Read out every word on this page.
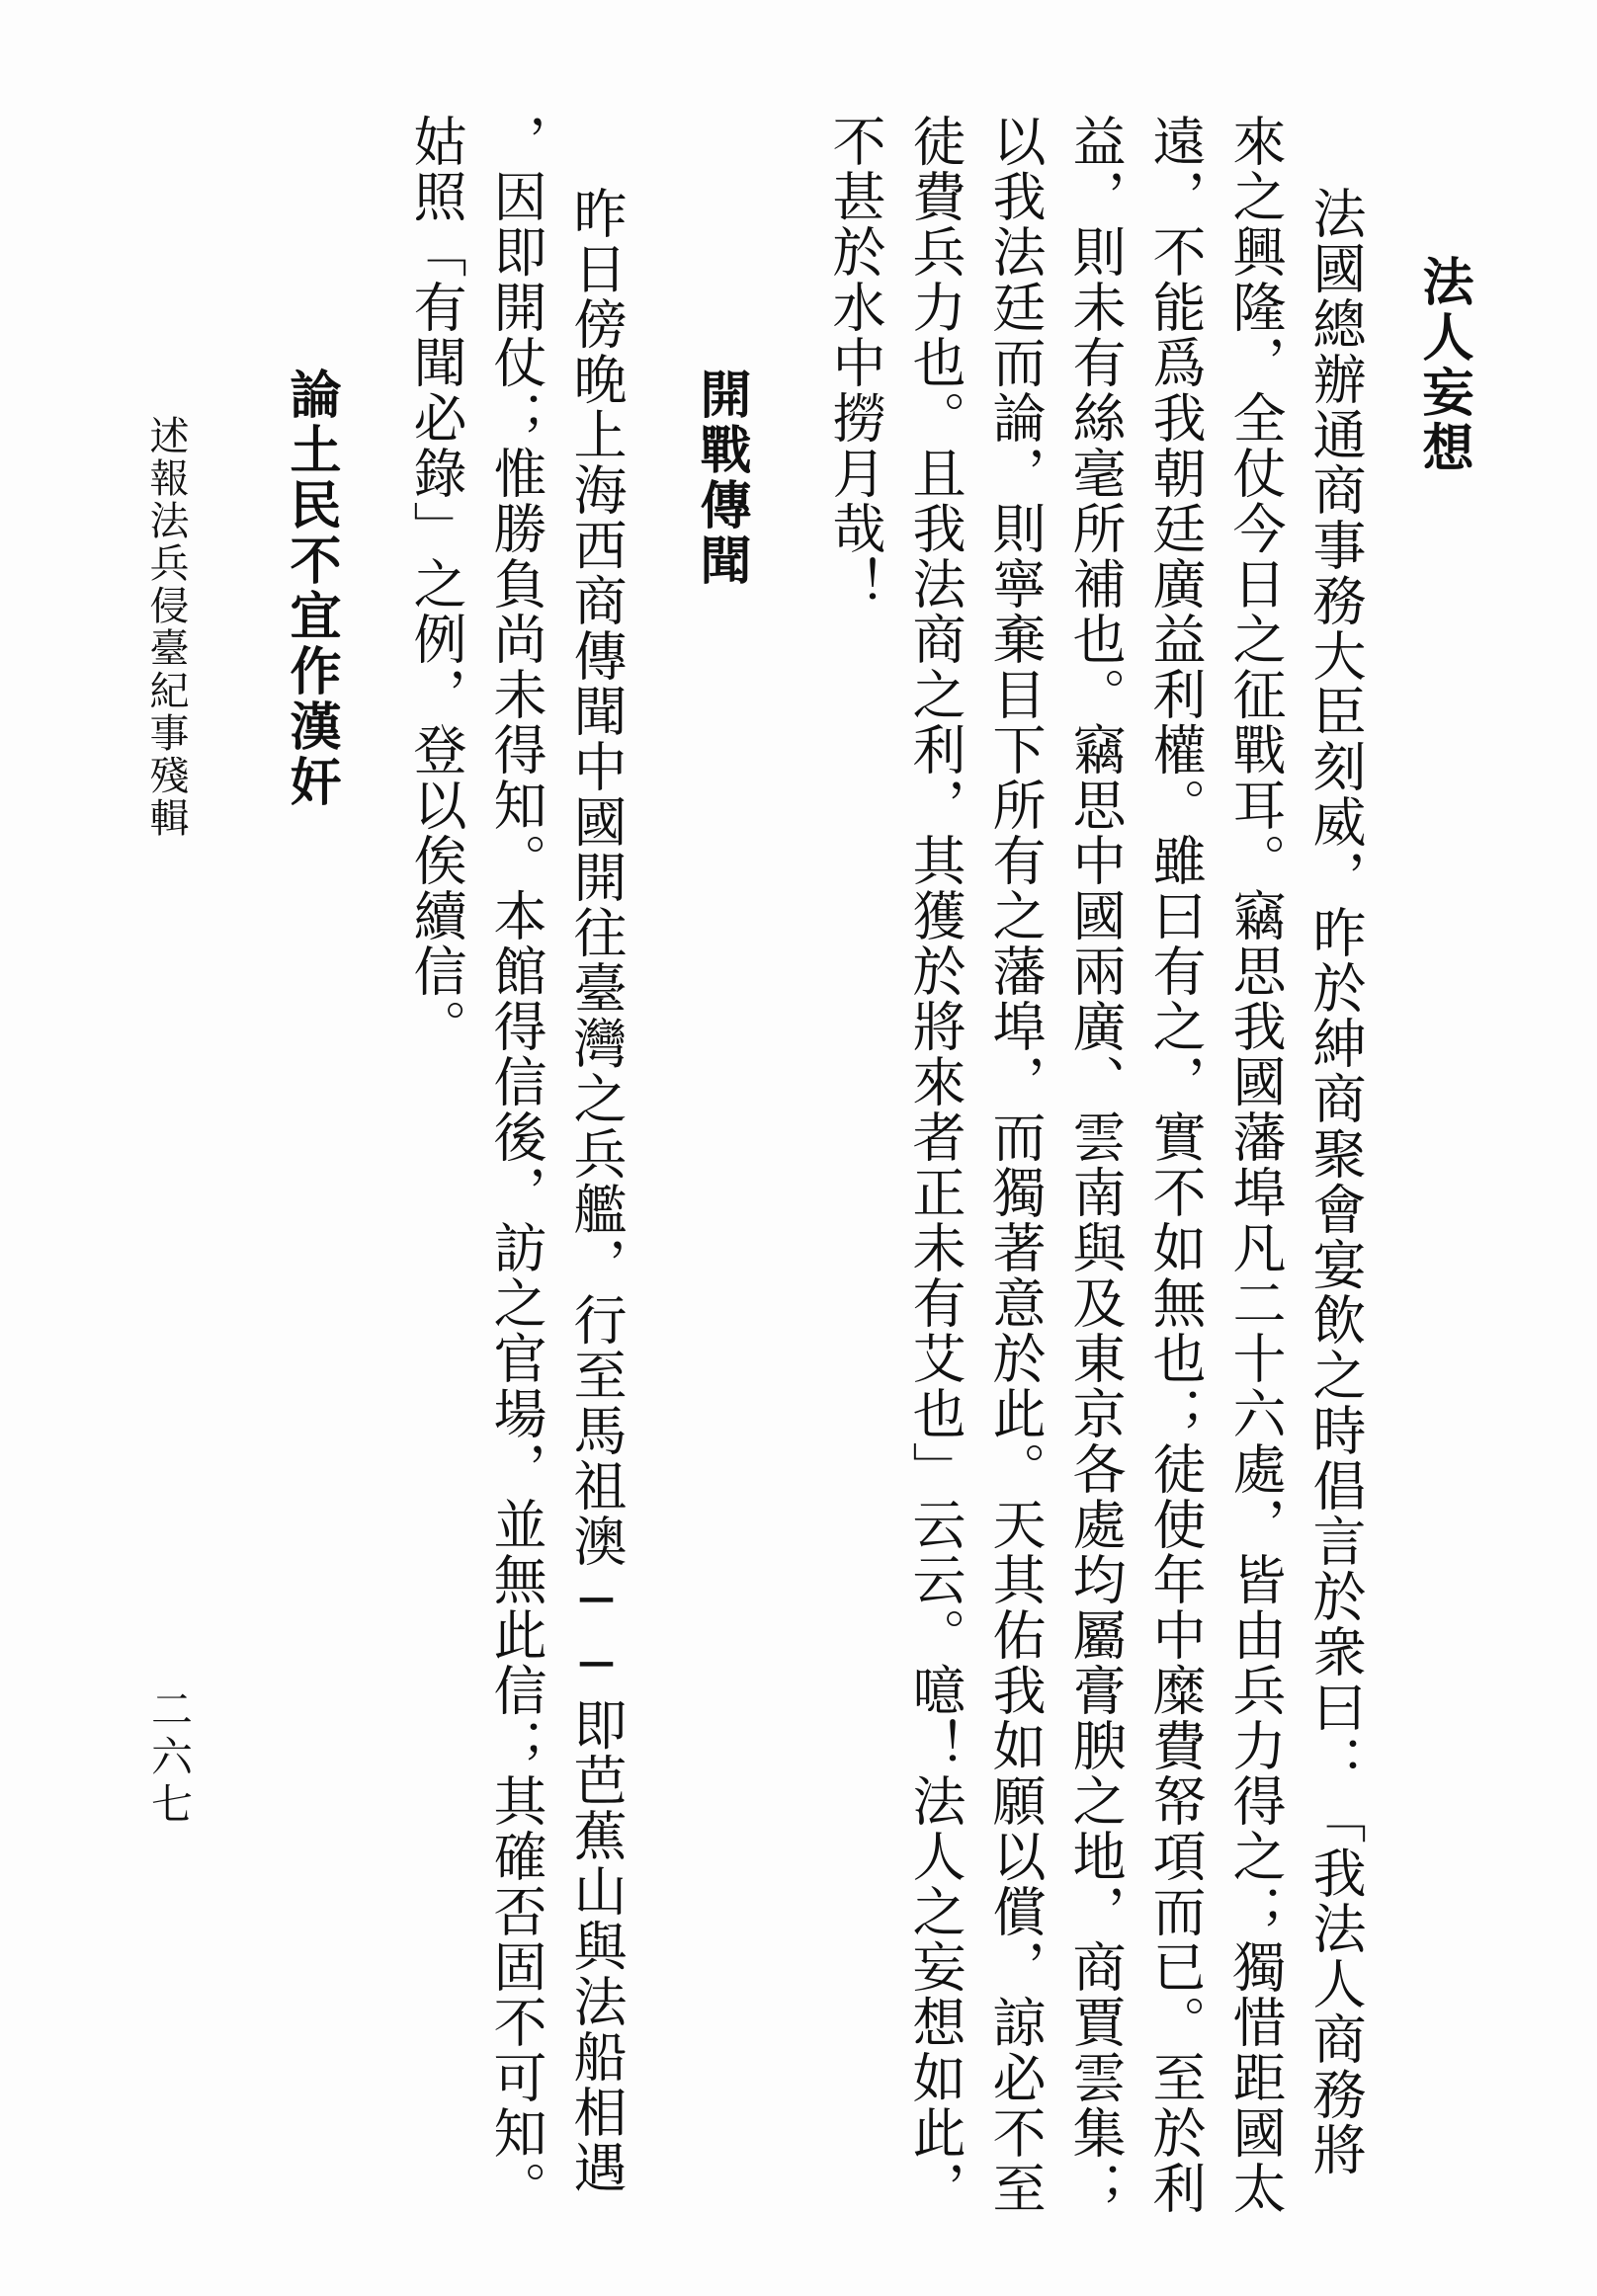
法人妄想
法國總辦通商事務大臣刻威，昨於紳商聚會宴飲之時倡言於衆曰：「我法人商務將
來之興隆，全仗今日之征戰耳。竊思我國藩埠凡二十六處，皆由兵力得之；獨惜距國太
遠，不能爲我朝廷廣益利權。雖曰有之，實不如無也；徒使年中糜費帑項而已。至於利
益，則未有絲毫所補也。竊思中國兩廣、雲南與及東京各處均屬膏腴之地，商賈雲集；
以我法廷而論，則寧棄目下所有之藩埠，而獨著意於此。天其佑我如願以償，諒必不至
徒費兵力也。且我法商之利，其獲於將來者正未有艾也」云云。噫！法人之妄想如此，
不甚於水中撈月哉！
開戰傳聞
昨日傍晚上海西商傳聞中國開往臺灣之兵艦，行至馬祖澳──即芭蕉山與法船相遇
，因即開仗；惟勝負尚未得知。本館得信後，訪之官場，並無此信；其確否固不可知。
姑照「有聞必錄」之例，登以俟續信。
論土民不宜作漢奸
述報法兵侵臺紀事殘輯
二六七
